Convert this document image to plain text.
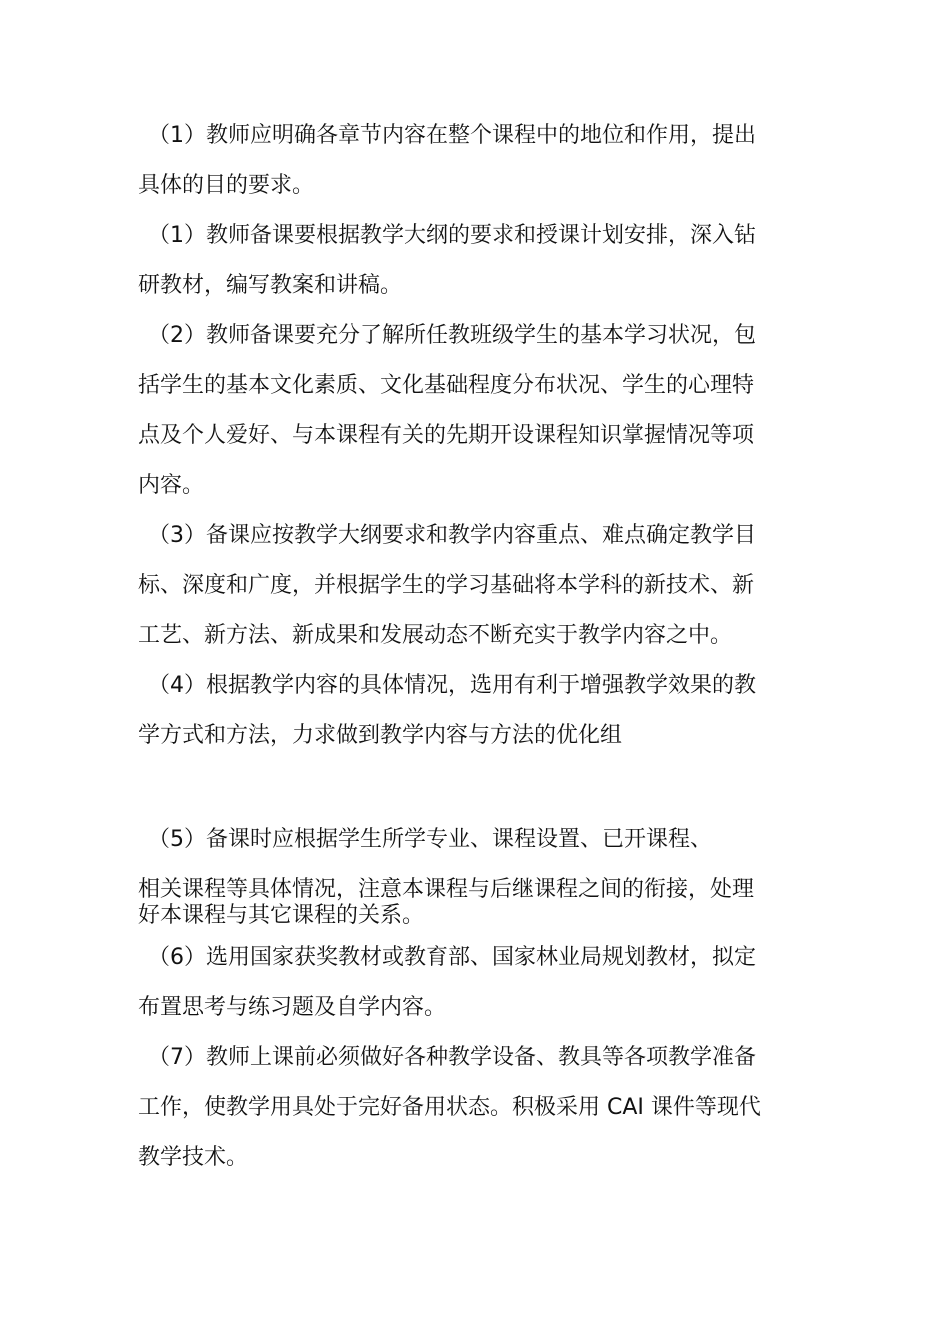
（1）教师应明确各章节内容在整个课程中的地位和作用，提出
具体的目的要求。
（1）教师备课要根据教学大纲的要求和授课计划安排，深入钻
研教材，编写教案和讲稿。
（2）教师备课要充分了解所任教班级学生的基本学习状况，包
括学生的基本文化素质、文化基础程度分布状况、学生的心理特
点及个人爱好、与本课程有关的先期开设课程知识掌握情况等项
内容。
（3）备课应按教学大纲要求和教学内容重点、难点确定教学目
标、深度和广度，并根据学生的学习基础将本学科的新技术、新
工艺、新方法、新成果和发展动态不断充实于教学内容之中。
（4）根据教学内容的具体情况，选用有利于增强教学效果的教
学方式和方法，力求做到教学内容与方法的优化组
（5）备课时应根据学生所学专业、课程设置、已开课程、
相关课程等具体情况，注意本课程与后继课程之间的衔接，处理
好本课程与其它课程的关系。
（6）选用国家获奖教材或教育部、国家林业局规划教材，拟定
布置思考与练习题及自学内容。
（7）教师上课前必须做好各种教学设备、教具等各项教学准备
工作，使教学用具处于完好备用状态。积极采用 CAI 课件等现代
教学技术。
